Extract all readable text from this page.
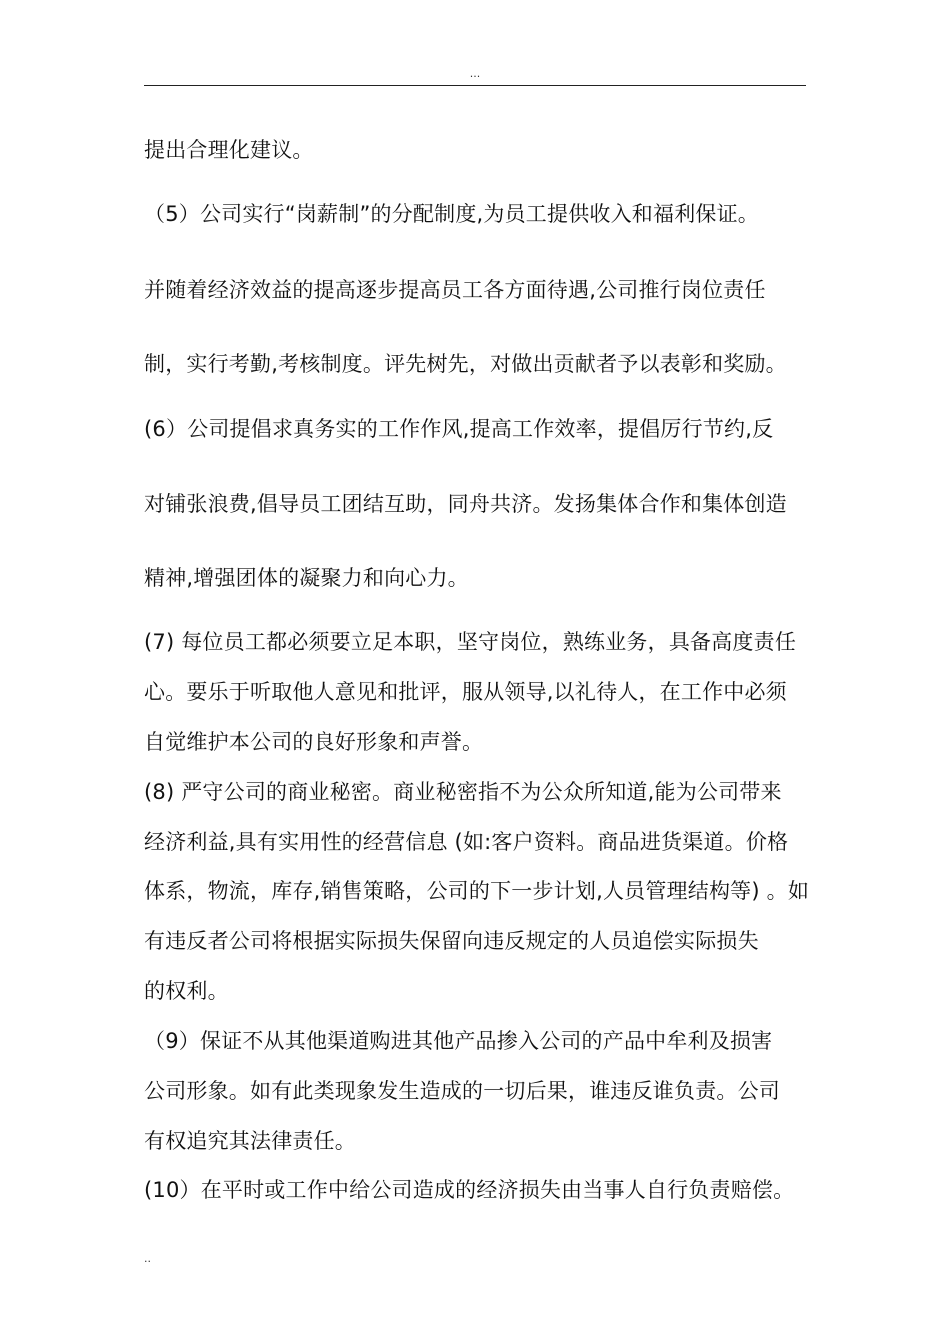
...
提出合理化建议。
（5）公司实行“岗薪制”的分配制度,为员工提供收入和福利保证。
并随着经济效益的提高逐步提高员工各方面待遇,公司推行岗位责任
制，实行考勤,考核制度。评先树先，对做出贡献者予以表彰和奖励。
(6）公司提倡求真务实的工作作风,提高工作效率，提倡厉行节约,反
对铺张浪费,倡导员工团结互助，同舟共济。发扬集体合作和集体创造
精神,增强团体的凝聚力和向心力。
(7) 每位员工都必须要立足本职，坚守岗位，熟练业务，具备高度责任
心。要乐于听取他人意见和批评，服从领导,以礼待人，在工作中必须
自觉维护本公司的良好形象和声誉。
(8) 严守公司的商业秘密。商业秘密指不为公众所知道,能为公司带来
经济利益,具有实用性的经营信息 (如:客户资料。商品进货渠道。价格
体系，物流，库存,销售策略，公司的下一步计划,人员管理结构等) 。如
有违反者公司将根据实际损失保留向违反规定的人员追偿实际损失
的权利。
（9）保证不从其他渠道购进其他产品掺入公司的产品中牟利及损害
公司形象。如有此类现象发生造成的一切后果，谁违反谁负责。公司
有权追究其法律责任。
(10）在平时或工作中给公司造成的经济损失由当事人自行负责赔偿。
..
